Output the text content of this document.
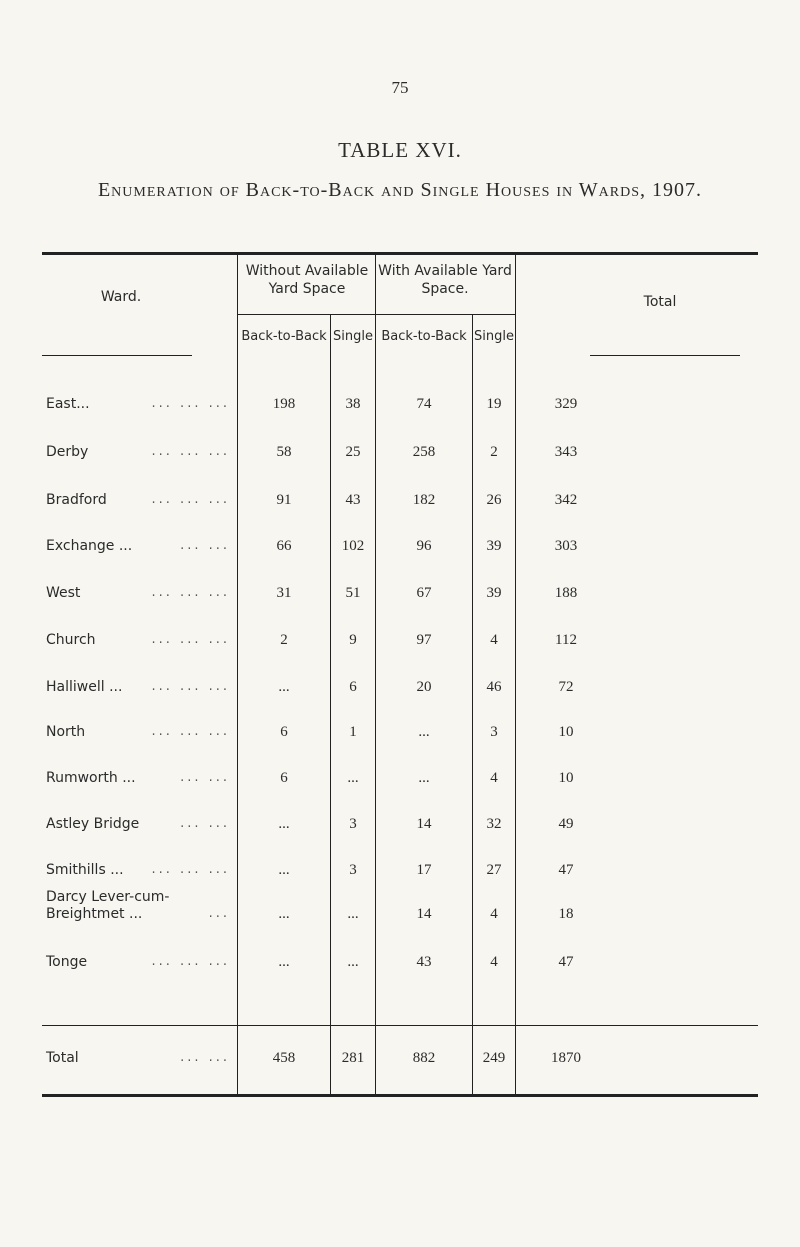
75
TABLE XVI.
Enumeration of Back-to-Back and Single Houses in Wards, 1907.
Ward.
Without Available Yard Space
With Available Yard Space.
Total
Back-to-Back Single Back-to-Back Single
East...	... ... ...	198	38	74	19	329
Derby	... ... ...	58	25	258	2	343
Bradford	... ... ...	91	43	182	26	342
Exchange ...	... ...	66	102	96	39	303
West	... ... ...	31	51	67	39	188
Church	... ... ...	2	9	97	4	112
Halliwell ...	... ... ...	...	6	20	46	72
North	... ... ...	6	1	...	3	10
Rumworth ...	... ...	6	...	...	4	10
Astley Bridge	... ...	...	3	14	32	49
Smithills ...	... ... ...	...	3	17	27	47
Darcy Lever-cum-
Breightmet ...	...	...	...	14	4	18
Tonge	... ... ...	...	...	43	4	47
Total	... ...	458	281	882	249	1870
